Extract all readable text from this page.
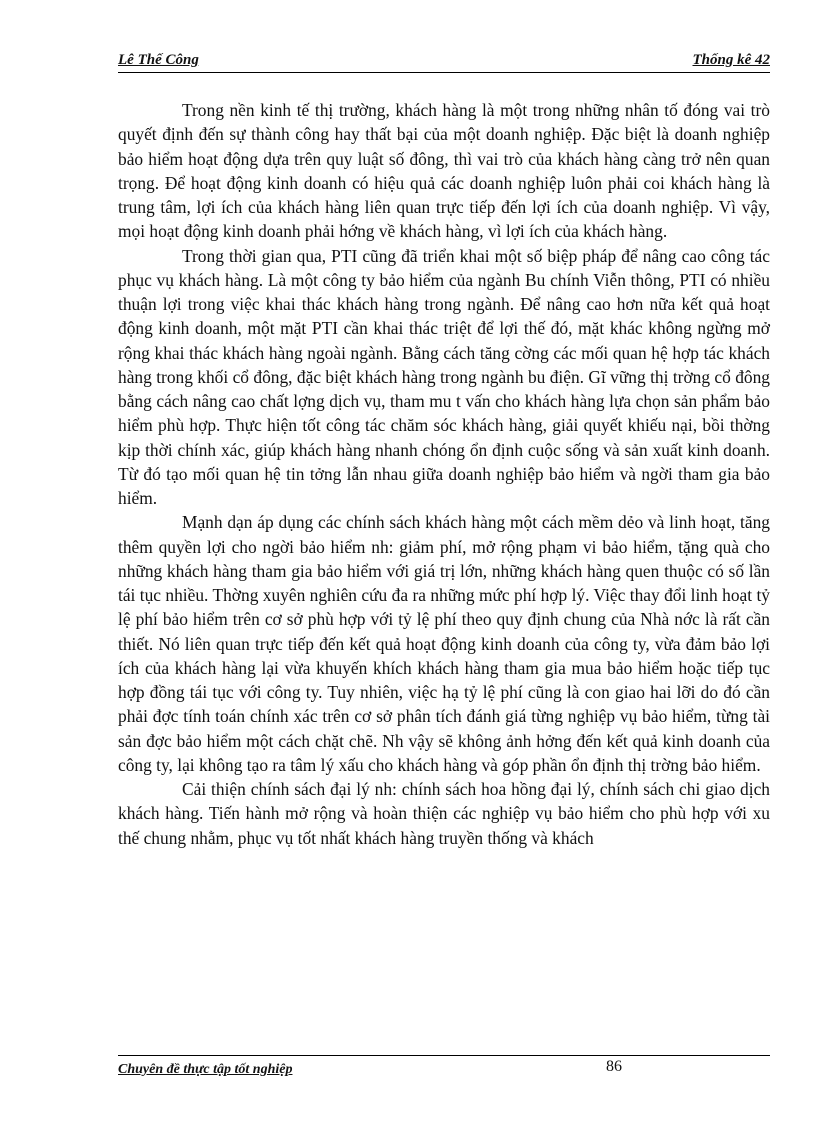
Lê Thế Công	Thống kê 42

Trong nền kinh tế thị trường, khách hàng là một trong những nhân tố đóng vai trò quyết định đến sự thành công hay thất bại của một doanh nghiệp. Đặc biệt là doanh nghiệp bảo hiểm hoạt động dựa trên quy luật số đông, thì vai trò của khách hàng càng trở nên quan trọng. Để hoạt động kinh doanh có hiệu quả các doanh nghiệp luôn phải coi khách hàng là trung tâm, lợi ích của khách hàng liên quan trực tiếp đến lợi ích của doanh nghiệp. Vì vậy, mọi hoạt động kinh doanh phải hớng về khách hàng, vì lợi ích của khách hàng.

Trong thời gian qua, PTI cũng đã triển khai một số biệp pháp để nâng cao công tác phục vụ khách hàng. Là một công ty bảo hiểm của ngành Bu chính Viễn thông, PTI có nhiều thuận lợi trong việc khai thác khách hàng trong ngành. Để nâng cao hơn nữa kết quả hoạt động kinh doanh, một mặt PTI cần khai thác triệt để lợi thế đó, mặt khác không ngừng mở rộng khai thác khách hàng ngoài ngành. Bằng cách tăng cờng các mối quan hệ hợp tác khách hàng trong khối cổ đông, đặc biệt khách hàng trong ngành bu điện. Gĩ vững thị trờng cổ đông bằng cách nâng cao chất lợng dịch vụ, tham mu t vấn cho khách hàng lựa chọn sản phẩm bảo hiểm phù hợp. Thực hiện tốt công tác chăm sóc khách hàng, giải quyết khiếu nại, bồi thờng kịp thời chính xác, giúp khách hàng nhanh chóng ổn định cuộc sống và sản xuất kinh doanh. Từ đó tạo mối quan hệ tin tởng lẫn nhau giữa doanh nghiệp bảo hiểm và ngời tham gia bảo hiểm.

Mạnh dạn áp dụng các chính sách khách hàng một cách mềm dẻo và linh hoạt, tăng thêm quyền lợi cho ngời bảo hiểm nh: giảm phí, mở rộng phạm vi bảo hiểm, tặng quà cho những khách hàng tham gia bảo hiểm với giá trị lớn, những khách hàng quen thuộc có số lần tái tục nhiều. Thờng xuyên nghiên cứu đa ra những mức phí hợp lý. Việc thay đổi linh hoạt tỷ lệ phí bảo hiểm trên cơ sở phù hợp với tỷ lệ phí theo quy định chung của Nhà nớc là rất cần thiết. Nó liên quan trực tiếp đến kết quả hoạt động kinh doanh của công ty, vừa đảm bảo lợi ích của khách hàng lại vừa khuyến khích khách hàng tham gia mua bảo hiểm hoặc tiếp tục hợp đồng tái tục với công ty. Tuy nhiên, việc hạ tỷ lệ phí cũng là con giao hai lỡi do đó cần phải đợc tính toán chính xác trên cơ sở phân tích đánh giá từng nghiệp vụ bảo hiểm, từng tài sản đợc bảo hiểm một cách chặt chẽ. Nh vậy sẽ không ảnh hởng đến kết quả kinh doanh của công ty, lại không tạo ra tâm lý xấu cho khách hàng và góp phần ổn định thị trờng bảo hiểm.

Cải thiện chính sách đại lý nh: chính sách hoa hồng đại lý, chính sách chi giao dịch khách hàng. Tiến hành mở rộng và hoàn thiện các nghiệp vụ bảo hiểm cho phù hợp với xu thế chung nhằm, phục vụ tốt nhất khách hàng truyền thống và khách

Chuyên đề thực tập tốt nghiệp	86
